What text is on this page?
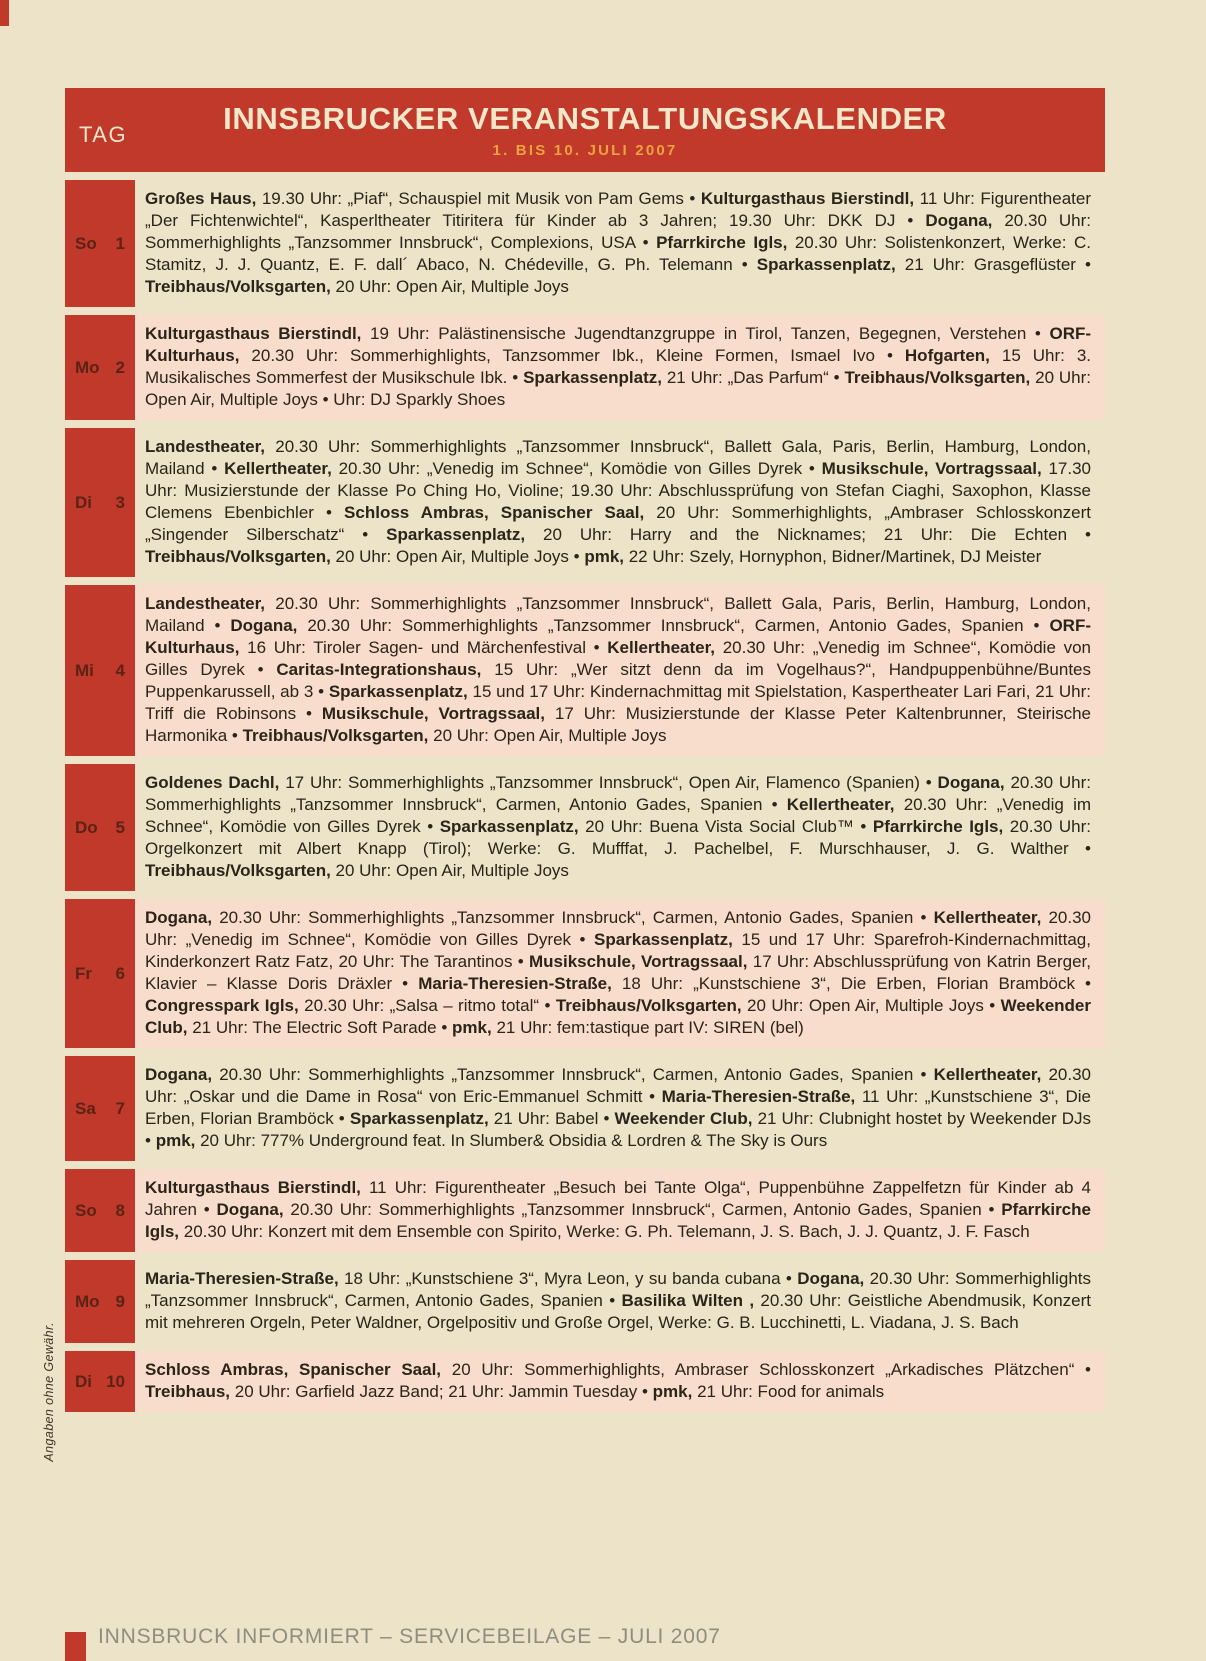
TAG	INNSBRUCKER VERANSTALTUNGSKALENDER
1. BIS 10. JULI 2007
So 1
Großes Haus, 19.30 Uhr: „Piaf“, Schauspiel mit Musik von Pam Gems • Kulturgasthaus Bierstindl, 11 Uhr: Figurentheater „Der Fichtenwichtel“, Kasperltheater Titiritera für Kinder ab 3 Jahren; 19.30 Uhr: DKK DJ • Dogana, 20.30 Uhr: Sommerhighlights „Tanzsommer Innsbruck“, Complexions, USA • Pfarrkirche Igls, 20.30 Uhr: Solistenkonzert, Werke: C. Stamitz, J. J. Quantz, E. F. dall´ Abaco, N. Chédeville, G. Ph. Telemann • Sparkassenplatz, 21 Uhr: Grasgeflüster • Treibhaus/Volksgarten, 20 Uhr: Open Air, Multiple Joys
Mo 2
Kulturgasthaus Bierstindl, 19 Uhr: Palästinensische Jugendtanzgruppe in Tirol, Tanzen, Begegnen, Verstehen • ORF-Kulturhaus, 20.30 Uhr: Sommerhighlights, Tanzsommer Ibk., Kleine Formen, Ismael Ivo • Hofgarten, 15 Uhr: 3. Musikalisches Sommerfest der Musikschule Ibk. • Sparkassenplatz, 21 Uhr: „Das Parfum“ • Treibhaus/Volksgarten, 20 Uhr: Open Air, Multiple Joys • Uhr: DJ Sparkly Shoes
Di 3
Landestheater, 20.30 Uhr: Sommerhighlights „Tanzsommer Innsbruck“, Ballett Gala, Paris, Berlin, Hamburg, London, Mailand • Kellertheater, 20.30 Uhr: „Venedig im Schnee“, Komödie von Gilles Dyrek • Musikschule, Vortragssaal, 17.30 Uhr: Musizierstunde der Klasse Po Ching Ho, Violine; 19.30 Uhr: Abschlussprüfung von Stefan Ciaghi, Saxophon, Klasse Clemens Ebenbichler • Schloss Ambras, Spanischer Saal, 20 Uhr: Sommerhighlights, „Ambraser Schlosskonzert „Singender Silberschatz“ • Sparkassenplatz, 20 Uhr: Harry and the Nicknames; 21 Uhr: Die Echten • Treibhaus/Volksgarten, 20 Uhr: Open Air, Multiple Joys • pmk, 22 Uhr: Szely, Hornyphon, Bidner/Martinek, DJ Meister
Mi 4
Landestheater, 20.30 Uhr: Sommerhighlights „Tanzsommer Innsbruck“, Ballett Gala, Paris, Berlin, Hamburg, London, Mailand • Dogana, 20.30 Uhr: Sommerhighlights „Tanzsommer Innsbruck“, Carmen, Antonio Gades, Spanien • ORF-Kulturhaus, 16 Uhr: Tiroler Sagen- und Märchenfestival • Kellertheater, 20.30 Uhr: „Venedig im Schnee“, Komödie von Gilles Dyrek • Caritas-Integrationshaus, 15 Uhr: „Wer sitzt denn da im Vogelhaus?“, Handpuppenbühne/Buntes Puppenkarussell, ab 3 • Sparkassenplatz, 15 und 17 Uhr: Kindernachmittag mit Spielstation, Kaspertheater Lari Fari, 21 Uhr: Triff die Robinsons • Musikschule, Vortragssaal, 17 Uhr: Musizierstunde der Klasse Peter Kaltenbrunner, Steirische Harmonika • Treibhaus/Volksgarten, 20 Uhr: Open Air, Multiple Joys
Do 5
Goldenes Dachl, 17 Uhr: Sommerhighlights „Tanzsommer Innsbruck“, Open Air, Flamenco (Spanien) • Dogana, 20.30 Uhr: Sommerhighlights „Tanzsommer Innsbruck“, Carmen, Antonio Gades, Spanien • Kellertheater, 20.30 Uhr: „Venedig im Schnee“, Komödie von Gilles Dyrek • Sparkassenplatz, 20 Uhr: Buena Vista Social Club™ • Pfarrkirche Igls, 20.30 Uhr: Orgelkonzert mit Albert Knapp (Tirol); Werke: G. Mufffat, J. Pachelbel, F. Murschhauser, J. G. Walther • Treibhaus/Volksgarten, 20 Uhr: Open Air, Multiple Joys
Fr 6
Dogana, 20.30 Uhr: Sommerhighlights „Tanzsommer Innsbruck“, Carmen, Antonio Gades, Spanien • Kellertheater, 20.30 Uhr: „Venedig im Schnee“, Komödie von Gilles Dyrek • Sparkassenplatz, 15 und 17 Uhr: Sparefroh-Kindernachmittag, Kinderkonzert Ratz Fatz, 20 Uhr: The Tarantinos • Musikschule, Vortragssaal, 17 Uhr: Abschlussprüfung von Katrin Berger, Klavier – Klasse Doris Dräxler • Maria-Theresien-Straße, 18 Uhr: „Kunstschiene 3“, Die Erben, Florian Bramböck • Congresspark Igls, 20.30 Uhr: „Salsa – ritmo total“ • Treibhaus/Volksgarten, 20 Uhr: Open Air, Multiple Joys • Weekender Club, 21 Uhr: The Electric Soft Parade • pmk, 21 Uhr: fem:tastique part IV: SIREN (bel)
Sa 7
Dogana, 20.30 Uhr: Sommerhighlights „Tanzsommer Innsbruck“, Carmen, Antonio Gades, Spanien • Kellertheater, 20.30 Uhr: „Oskar und die Dame in Rosa“ von Eric-Emmanuel Schmitt • Maria-Theresien-Straße, 11 Uhr: „Kunstschiene 3“, Die Erben, Florian Bramböck • Sparkassenplatz, 21 Uhr: Babel • Weekender Club, 21 Uhr: Clubnight hostet by Weekender DJs • pmk, 20 Uhr: 777% Underground feat. In Slumber& Obsidia & Lordren & The Sky is Ours
So 8
Kulturgasthaus Bierstindl, 11 Uhr: Figurentheater „Besuch bei Tante Olga“, Puppenbühne Zappelfetzn für Kinder ab 4 Jahren • Dogana, 20.30 Uhr: Sommerhighlights „Tanzsommer Innsbruck“, Carmen, Antonio Gades, Spanien • Pfarrkirche Igls, 20.30 Uhr: Konzert mit dem Ensemble con Spirito, Werke: G. Ph. Telemann, J. S. Bach, J. J. Quantz, J. F. Fasch
Mo 9
Maria-Theresien-Straße, 18 Uhr: „Kunstschiene 3“, Myra Leon, y su banda cubana • Dogana, 20.30 Uhr: Sommerhighlights „Tanzsommer Innsbruck“, Carmen, Antonio Gades, Spanien • Basilika Wilten , 20.30 Uhr: Geistliche Abendmusik, Konzert mit mehreren Orgeln, Peter Waldner, Orgelpositiv und Große Orgel, Werke: G. B. Lucchinetti, L. Viadana, J. S. Bach
Di 10
Schloss Ambras, Spanischer Saal, 20 Uhr: Sommerhighlights, Ambraser Schlosskonzert „Arkadisches Plätzchen“ • Treibhaus, 20 Uhr: Garfield Jazz Band; 21 Uhr: Jammin Tuesday • pmk, 21 Uhr: Food for animals
Angaben ohne Gewähr.
INNSBRUCK INFORMIERT – SERVICEBEILAGE – JULI 2007
